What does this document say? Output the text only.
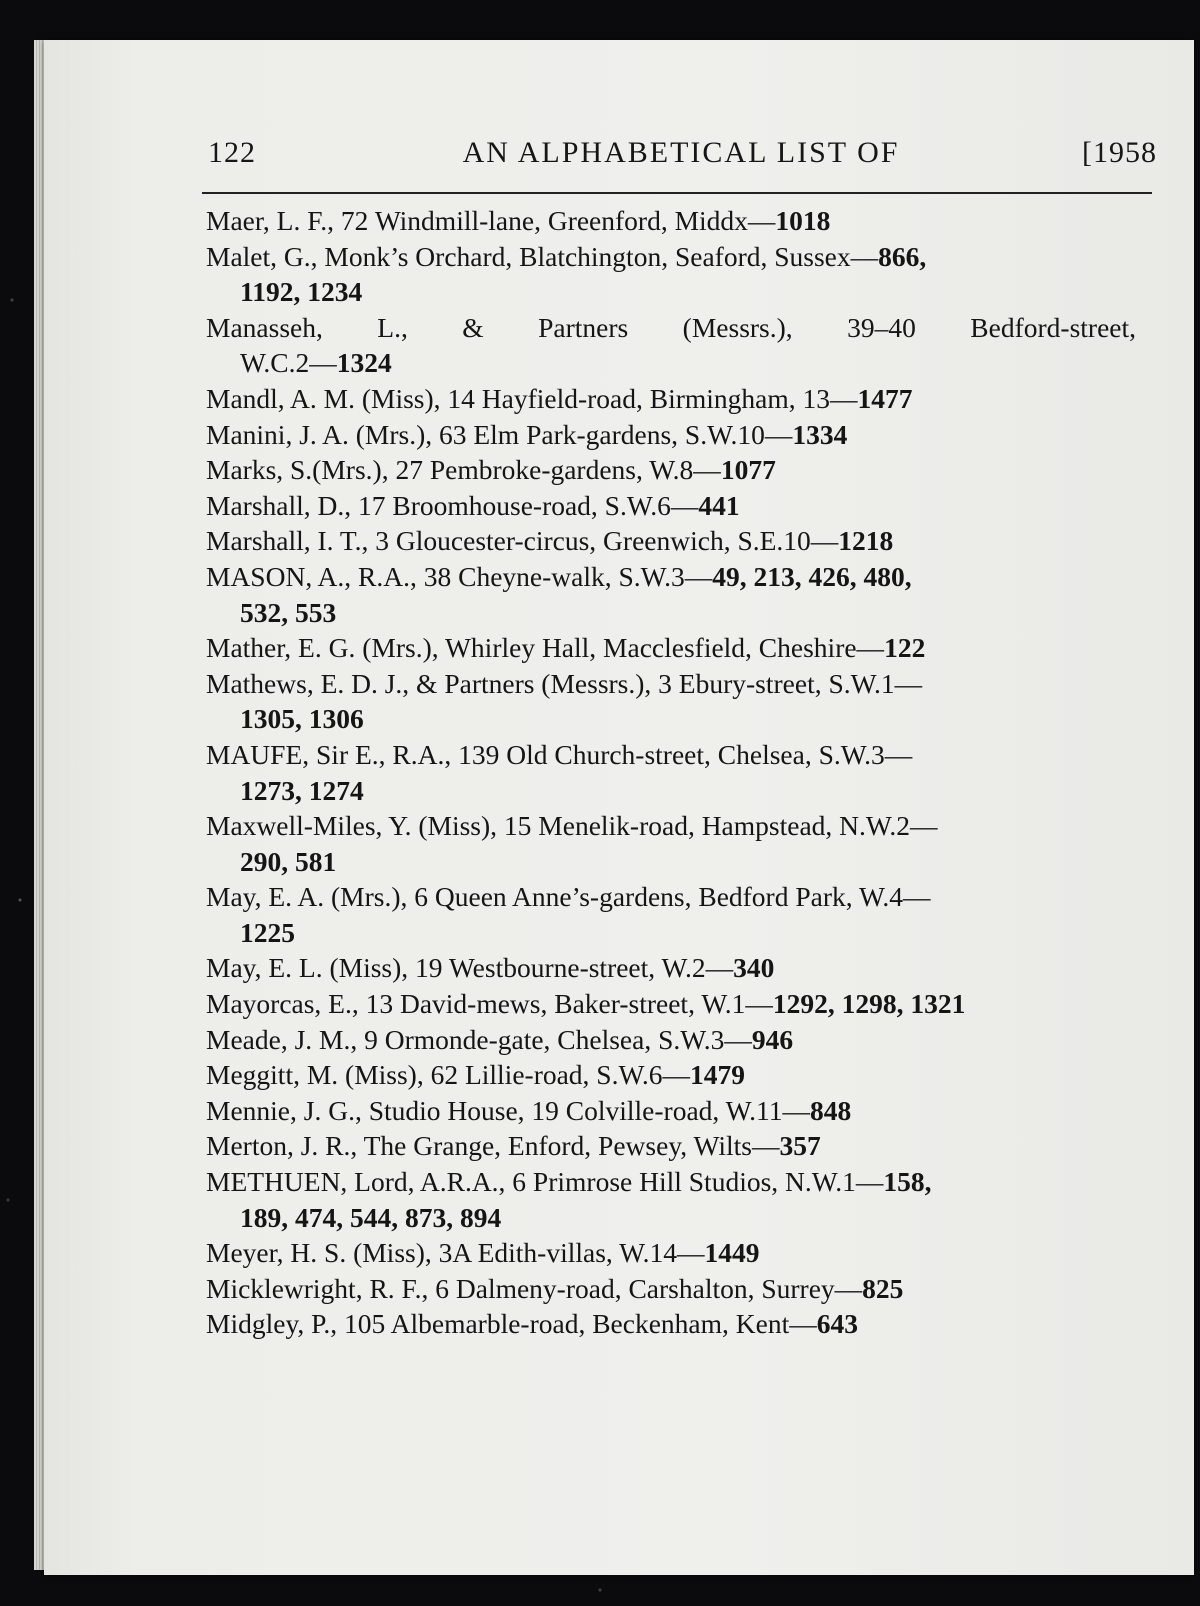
122	AN ALPHABETICAL LIST OF	[1958
Maer, L. F., 72 Windmill-lane, Greenford, Middx—1018
Malet, G., Monk’s Orchard, Blatchington, Seaford, Sussex—866,
1192, 1234
Manasseh, L., & Partners (Messrs.), 39–40 Bedford-street,
W.C.2—1324
Mandl, A. M. (Miss), 14 Hayfield-road, Birmingham, 13—1477
Manini, J. A. (Mrs.), 63 Elm Park-gardens, S.W.10—1334
Marks, S.(Mrs.), 27 Pembroke-gardens, W.8—1077
Marshall, D., 17 Broomhouse-road, S.W.6—441
Marshall, I. T., 3 Gloucester-circus, Greenwich, S.E.10—1218
MASON, A., R.A., 38 Cheyne-walk, S.W.3—49, 213, 426, 480,
532, 553
Mather, E. G. (Mrs.), Whirley Hall, Macclesfield, Cheshire—122
Mathews, E. D. J., & Partners (Messrs.), 3 Ebury-street, S.W.1—
1305, 1306
MAUFE, Sir E., R.A., 139 Old Church-street, Chelsea, S.W.3—
1273, 1274
Maxwell-Miles, Y. (Miss), 15 Menelik-road, Hampstead, N.W.2—
290, 581
May, E. A. (Mrs.), 6 Queen Anne’s-gardens, Bedford Park, W.4—
1225
May, E. L. (Miss), 19 Westbourne-street, W.2—340
Mayorcas, E., 13 David-mews, Baker-street, W.1—1292, 1298, 1321
Meade, J. M., 9 Ormonde-gate, Chelsea, S.W.3—946
Meggitt, M. (Miss), 62 Lillie-road, S.W.6—1479
Mennie, J. G., Studio House, 19 Colville-road, W.11—848
Merton, J. R., The Grange, Enford, Pewsey, Wilts—357
METHUEN, Lord, A.R.A., 6 Primrose Hill Studios, N.W.1—158,
189, 474, 544, 873, 894
Meyer, H. S. (Miss), 3A Edith-villas, W.14—1449
Micklewright, R. F., 6 Dalmeny-road, Carshalton, Surrey—825
Midgley, P., 105 Albemarble-road, Beckenham, Kent—643
